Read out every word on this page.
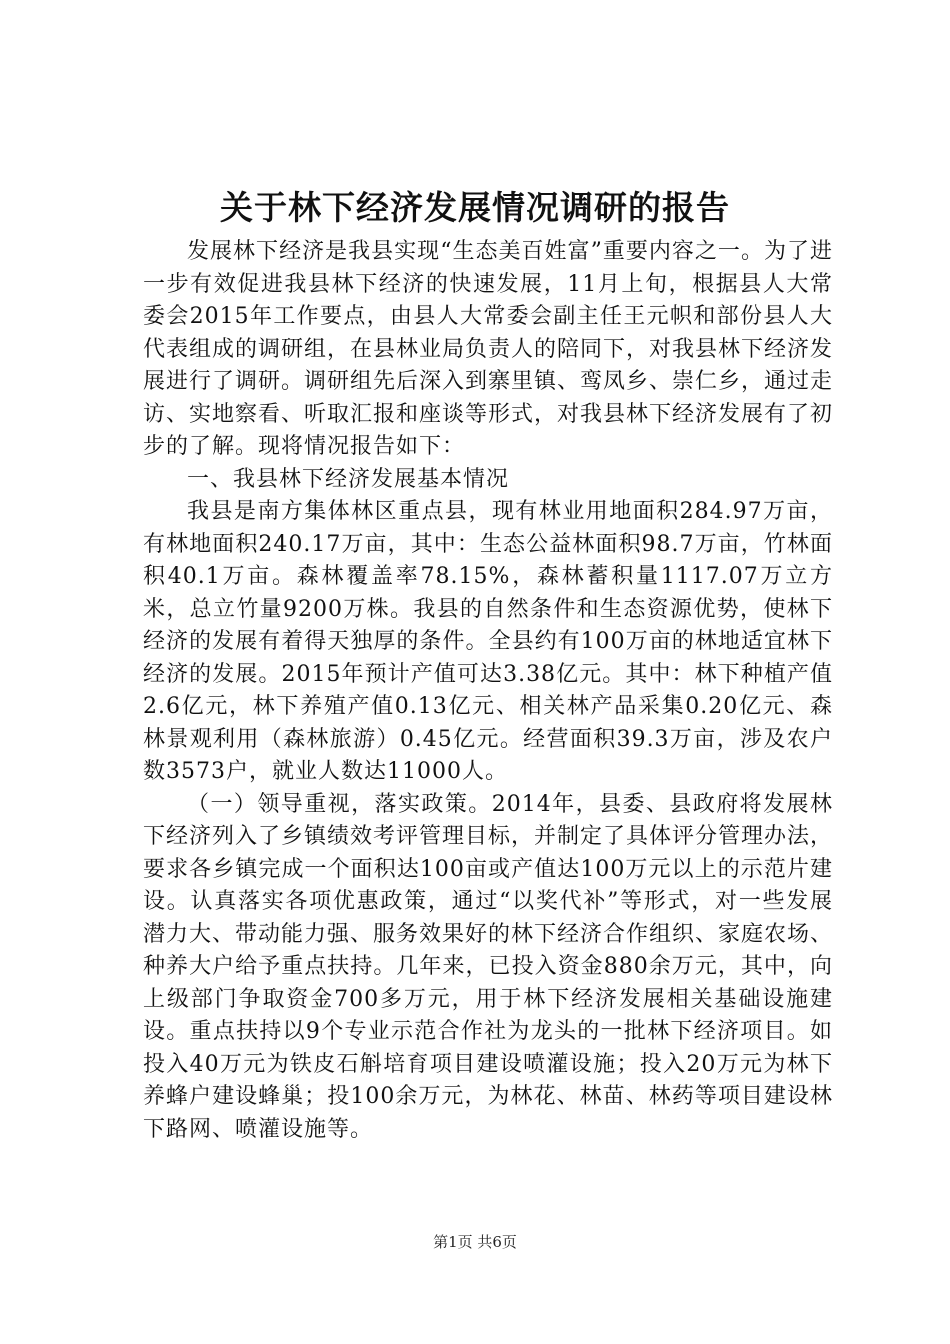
关于林下经济发展情况调研的报告

发展林下经济是我县实现“生态美百姓富”重要内容之一。为了进一步有效促进我县林下经济的快速发展，11月上旬，根据县人大常委会2015年工作要点，由县人大常委会副主任王元帜和部份县人大代表组成的调研组，在县林业局负责人的陪同下，对我县林下经济发展进行了调研。调研组先后深入到寨里镇、鸾凤乡、崇仁乡，通过走访、实地察看、听取汇报和座谈等形式，对我县林下经济发展有了初步的了解。现将情况报告如下：

一、我县林下经济发展基本情况

我县是南方集体林区重点县，现有林业用地面积284.97万亩，有林地面积240.17万亩，其中：生态公益林面积98.7万亩，竹林面积40.1万亩。森林覆盖率78.15%，森林蓄积量1117.07万立方米，总立竹量9200万株。我县的自然条件和生态资源优势，使林下经济的发展有着得天独厚的条件。全县约有100万亩的林地适宜林下经济的发展。2015年预计产值可达3.38亿元。其中：林下种植产值2.6亿元，林下养殖产值0.13亿元、相关林产品采集0.20亿元、森林景观利用（森林旅游）0.45亿元。经营面积39.3万亩，涉及农户数3573户，就业人数达11000人。

（一）领导重视，落实政策。2014年，县委、县政府将发展林下经济列入了乡镇绩效考评管理目标，并制定了具体评分管理办法，要求各乡镇完成一个面积达100亩或产值达100万元以上的示范片建设。认真落实各项优惠政策，通过“以奖代补”等形式，对一些发展潜力大、带动能力强、服务效果好的林下经济合作组织、家庭农场、种养大户给予重点扶持。几年来，已投入资金880余万元，其中，向上级部门争取资金700多万元，用于林下经济发展相关基础设施建设。重点扶持以9个专业示范合作社为龙头的一批林下经济项目。如投入40万元为铁皮石斛培育项目建设喷灌设施；投入20万元为林下养蜂户建设蜂巢；投100余万元，为林花、林苗、林药等项目建设林下路网、喷灌设施等。

第1页 共6页
